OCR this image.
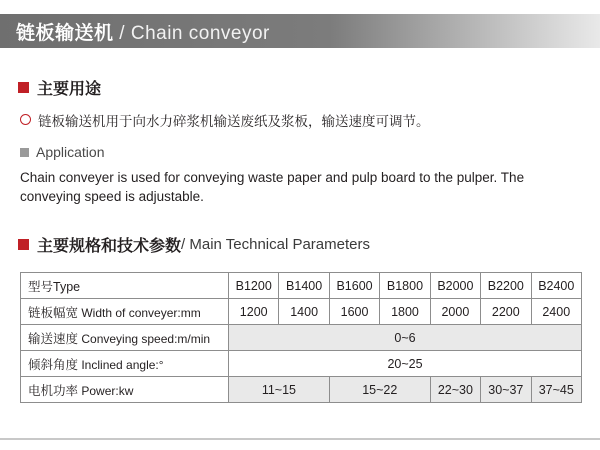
链板输送机 / Chain conveyor
主要用途
链板输送机用于向水力碎浆机输送废纸及浆板，输送速度可调节。
Application
Chain conveyer is used for conveying waste paper and pulp board to the pulper. The conveying speed is adjustable.
主要规格和技术参数 / Main Technical Parameters
型号Type	B1200	B1400	B1600	B1800	B2000	B2200	B2400
链板幅宽 Width of conveyer:mm	1200	1400	1600	1800	2000	2200	2400
输送速度 Conveying speed:m/min	0~6						
倾斜角度 Inclined angle:°	20~25						
电机功率 Power:kw	11~15		15~22		22~30	30~37	37~45
